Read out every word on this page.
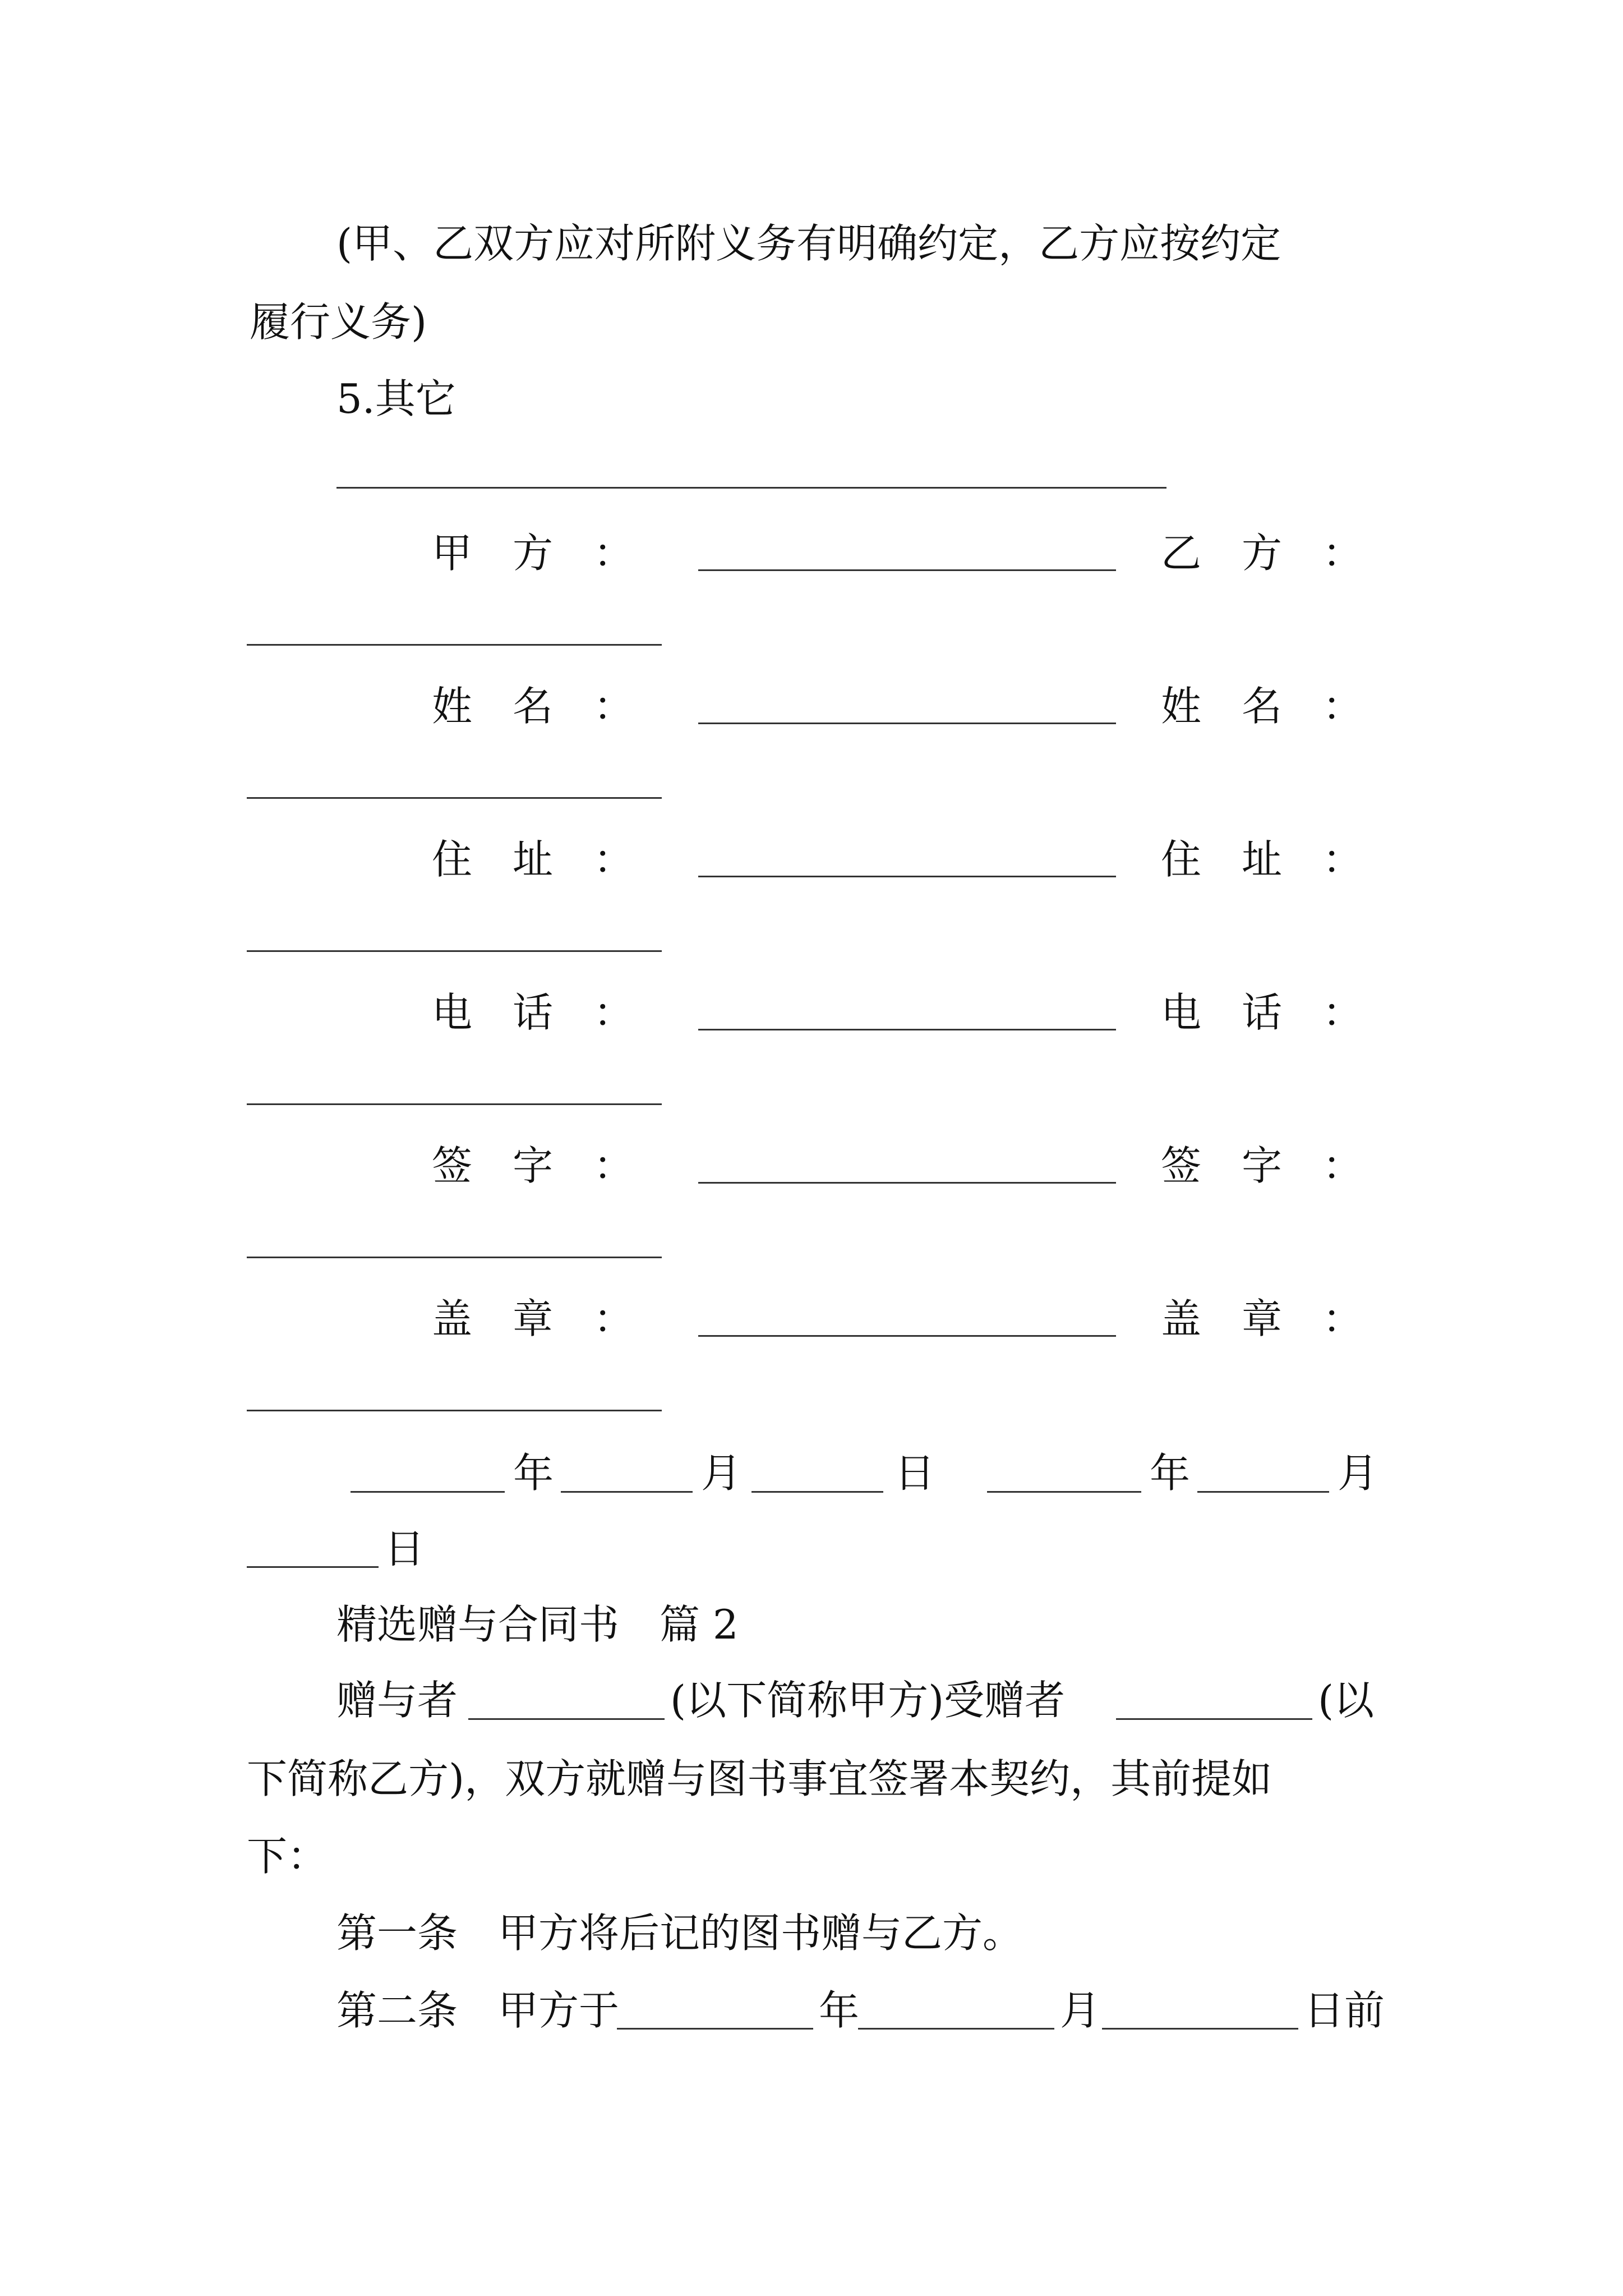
(甲、乙双方应对所附义务有明确约定，乙方应按约定
履行义务)
5.其它
甲　方　：	乙　方　：
姓　名　：	姓　名　：
住　址　：	住　址　：
电　话　：	电　话　：
签　字　：	签　字　：
盖　章　：	盖　章　：
年	月	日	年	月
日
精选赠与合同书　篇 2
赠与者	(以下简称甲方)受赠者	(以
下简称乙方)，双方就赠与图书事宜签署本契约，其前提如
下：
第一条　甲方将后记的图书赠与乙方。
第二条　甲方于	年	月	日前
